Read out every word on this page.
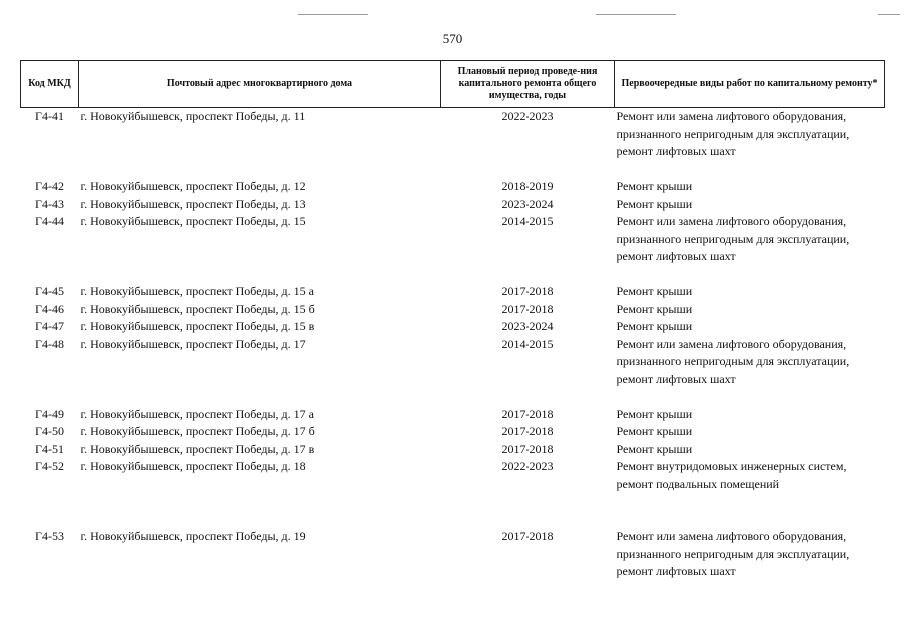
570
Код МКД	Почтовый адрес многоквартирного дома	Плановый период проведе-ния капитального ремонта общего имущества, годы	Первоочередные виды работ по капитальному ремонту*
Г4-41	г. Новокуйбышевск, проспект Победы, д. 11	2022-2023	Ремонт или замена лифтового оборудования,
признанного непригодным для эксплуатации,
ремонт лифтовых шахт

Г4-42	г. Новокуйбышевск, проспект Победы, д. 12	2018-2019	Ремонт крыши

Г4-43	г. Новокуйбышевск, проспект Победы, д. 13	2023-2024	Ремонт крыши

Г4-44	г. Новокуйбышевск, проспект Победы, д. 15	2014-2015	Ремонт или замена лифтового оборудования,
признанного непригодным для эксплуатации,
ремонт лифтовых шахт

Г4-45	г. Новокуйбышевск, проспект Победы, д. 15 а	2017-2018	Ремонт крыши

Г4-46	г. Новокуйбышевск, проспект Победы, д. 15 б	2017-2018	Ремонт крыши

Г4-47	г. Новокуйбышевск, проспект Победы, д. 15 в	2023-2024	Ремонт крыши

Г4-48	г. Новокуйбышевск, проспект Победы, д. 17	2014-2015	Ремонт или замена лифтового оборудования,
признанного непригодным для эксплуатации,
ремонт лифтовых шахт

Г4-49	г. Новокуйбышевск, проспект Победы, д. 17 а	2017-2018	Ремонт крыши

Г4-50	г. Новокуйбышевск, проспект Победы, д. 17 б	2017-2018	Ремонт крыши

Г4-51	г. Новокуйбышевск, проспект Победы, д. 17 в	2017-2018	Ремонт крыши

Г4-52	г. Новокуйбышевск, проспект Победы, д. 18	2022-2023	Ремонт внутридомовых инженерных систем,
ремонт подвальных помещений

Г4-53	г. Новокуйбышевск, проспект Победы, д. 19	2017-2018	Ремонт или замена лифтового оборудования,
признанного непригодным для эксплуатации,
ремонт лифтовых шахт
